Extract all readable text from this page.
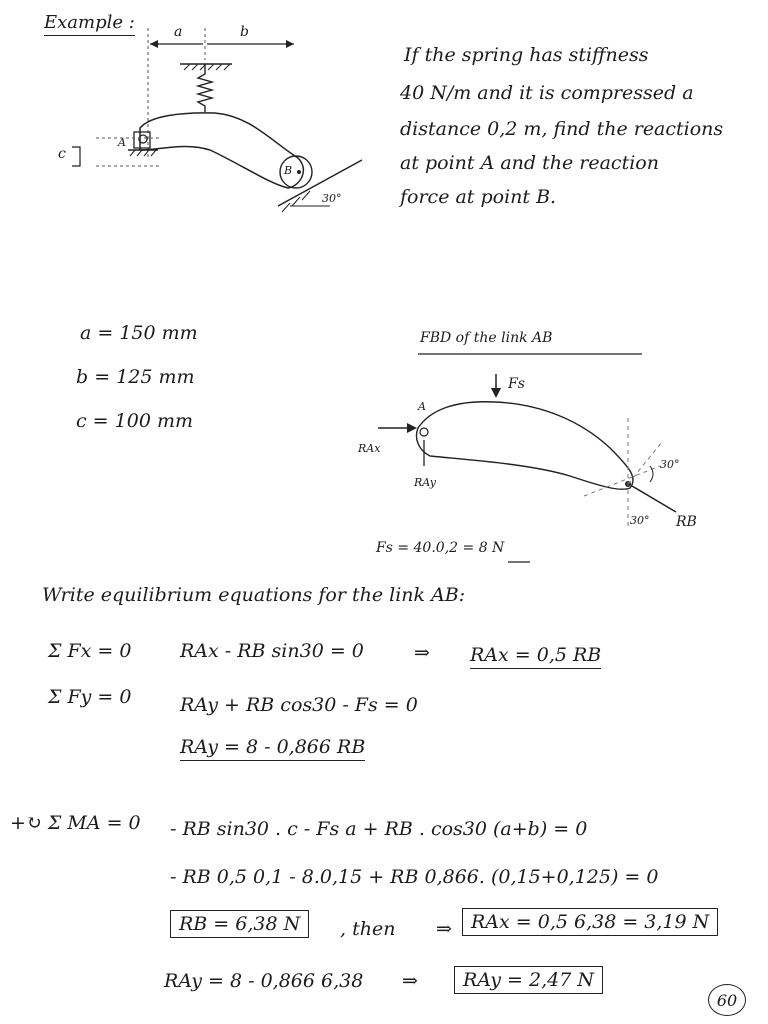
Example :	a	b
c
A
B
30°
If the spring has stiffness
40 N/m and it is compressed a
distance 0,2 m, find the reactions
at point A and the reaction
force at point B.
a = 150 mm
b = 125 mm
c = 100 mm
FBD of the link AB
Fs
A
RAx
RAy
RB
30°
30°
Fs = 40.0,2 = 8 N
Write equilibrium equations for the link AB:
Σ Fx = 0	RAx - RB sin30 = 0	⇒ RAx = 0,5 RB
Σ Fy = 0	RAy + RB cos30 - Fs = 0
RAy = 8 - 0,866 RB
+↻ Σ MA = 0 - RB sin30 . c - Fs a + RB . cos30 (a+b) = 0
- RB 0,5 0,1 - 8.0,15 + RB 0,866. (0,15+0,125) = 0
RB = 6,38 N	, then ⇒	RAx = 0,5 6,38 = 3,19 N
RAy = 8 - 0,866 6,38 ⇒	RAy = 2,47 N
60
